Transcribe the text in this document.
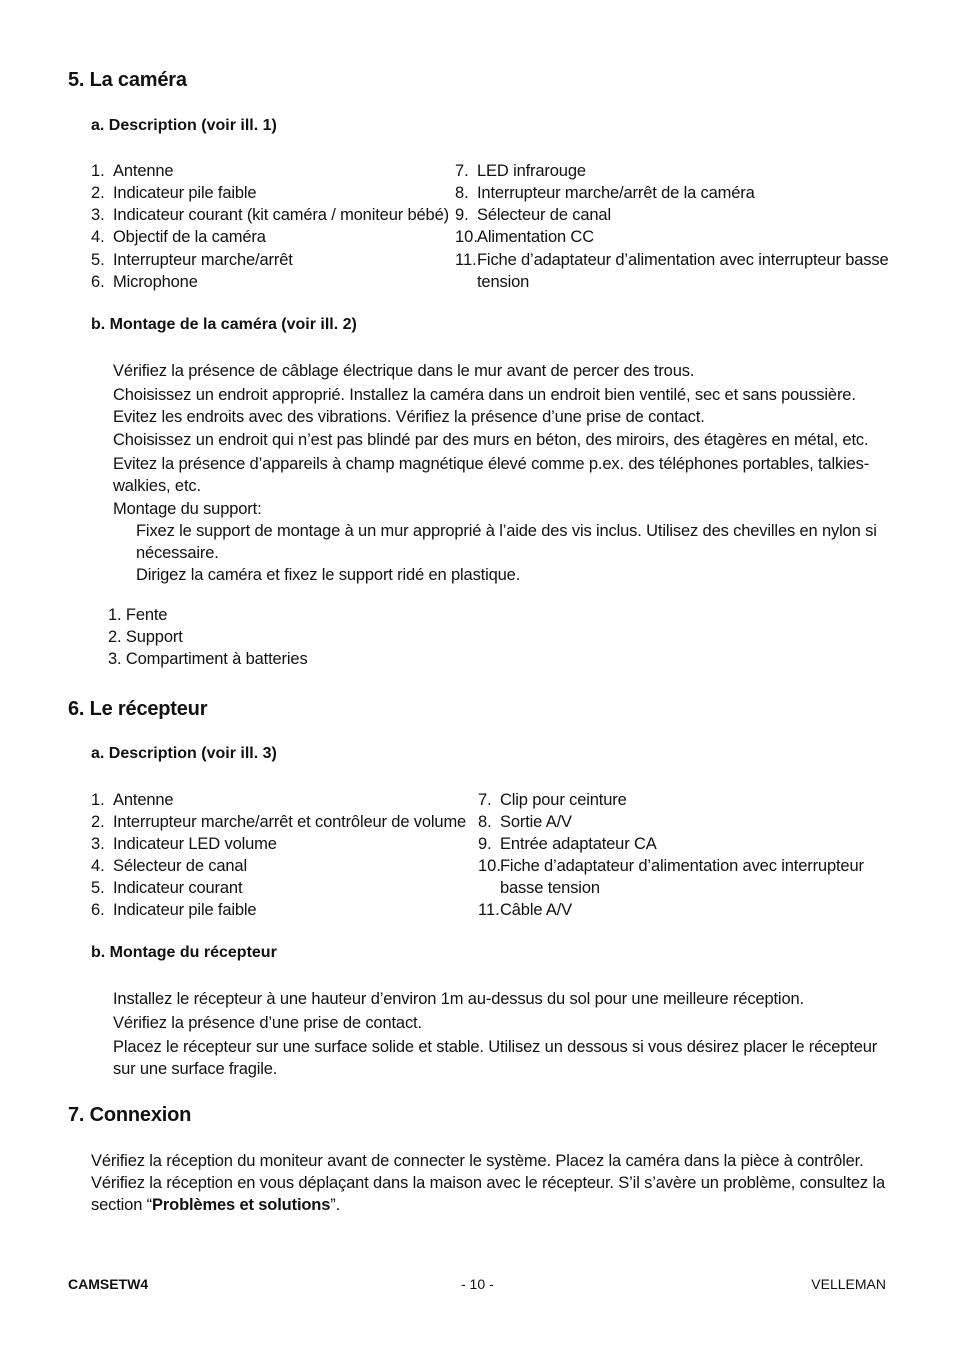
5. La caméra
a. Description (voir ill. 1)
1. Antenne
2. Indicateur pile faible
3. Indicateur courant (kit caméra / moniteur bébé)
4. Objectif de la caméra
5. Interrupteur marche/arrêt
6. Microphone
7. LED infrarouge
8. Interrupteur marche/arrêt de la caméra
9. Sélecteur de canal
10. Alimentation CC
11. Fiche d’adaptateur d’alimentation avec interrupteur basse
tension
b. Montage de la caméra (voir ill. 2)
Vérifiez la présence de câblage électrique dans le mur avant de percer des trous.
Choisissez un endroit approprié. Installez la caméra dans un endroit bien ventilé, sec et sans poussière.
Evitez les endroits avec des vibrations. Vérifiez la présence d’une prise de contact.
Choisissez un endroit qui n’est pas blindé par des murs en béton, des miroirs, des étagères en métal, etc.
Evitez la présence d’appareils à champ magnétique élevé comme p.ex. des téléphones portables, talkies-
walkies, etc.
Montage du support:
Fixez le support de montage à un mur approprié à l’aide des vis inclus. Utilisez des chevilles en nylon si
nécessaire.
Dirigez la caméra et fixez le support ridé en plastique.
1. Fente
2. Support
3. Compartiment à batteries
6. Le récepteur
a. Description (voir ill. 3)
1. Antenne
2. Interrupteur marche/arrêt et contrôleur de volume
3. Indicateur LED volume
4. Sélecteur de canal
5. Indicateur courant
6. Indicateur pile faible
7. Clip pour ceinture
8. Sortie A/V
9. Entrée adaptateur CA
10. Fiche d’adaptateur d’alimentation avec interrupteur
basse tension
11. Câble A/V
b. Montage du récepteur
Installez le récepteur à une hauteur d’environ 1m au-dessus du sol pour une meilleure réception.
Vérifiez la présence d’une prise de contact.
Placez le récepteur sur une surface solide et stable. Utilisez un dessous si vous désirez placer le récepteur
sur une surface fragile.
7. Connexion
Vérifiez la réception du moniteur avant de connecter le système. Placez la caméra dans la pièce à contrôler.
Vérifiez la réception en vous déplaçant dans la maison avec le récepteur. S’il s’avère un problème, consultez la
section “Problèmes et solutions”.
CAMSETW4	- 10 -	VELLEMAN
